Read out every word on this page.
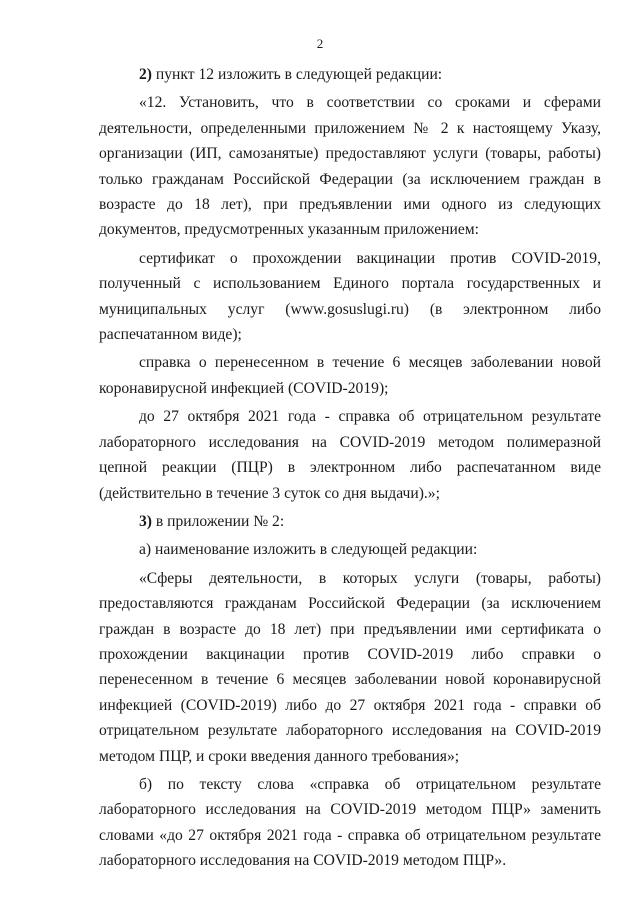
2

2) пункт 12 изложить в следующей редакции:

«12. Установить, что в соответствии со сроками и сферами деятельности, определенными приложением № 2 к настоящему Указу, организации (ИП, самозанятые) предоставляют услуги (товары, работы) только гражданам Российской Федерации (за исключением граждан в возрасте до 18 лет), при предъявлении ими одного из следующих документов, предусмотренных указанным приложением:

сертификат о прохождении вакцинации против COVID-2019, полученный с использованием Единого портала государственных и муниципальных услуг (www.gosuslugi.ru) (в электронном либо распечатанном виде);

справка о перенесенном в течение 6 месяцев заболевании новой коронавирусной инфекцией (COVID-2019);

до 27 октября 2021 года - справка об отрицательном результате лабораторного исследования на COVID-2019 методом полимеразной цепной реакции (ПЦР) в электронном либо распечатанном виде (действительно в течение 3 суток со дня выдачи).»;

3) в приложении № 2:

а) наименование изложить в следующей редакции:

«Сферы деятельности, в которых услуги (товары, работы) предоставляются гражданам Российской Федерации (за исключением граждан в возрасте до 18 лет) при предъявлении ими сертификата о прохождении вакцинации против COVID-2019 либо справки о перенесенном в течение 6 месяцев заболевании новой коронавирусной инфекцией (COVID-2019) либо до 27 октября 2021 года - справки об отрицательном результате лабораторного исследования на COVID-2019 методом ПЦР, и сроки введения данного требования»;

б) по тексту слова «справка об отрицательном результате лабораторного исследования на COVID-2019 методом ПЦР» заменить словами «до 27 октября 2021 года - справка об отрицательном результате лабораторного исследования на COVID-2019 методом ПЦР».
